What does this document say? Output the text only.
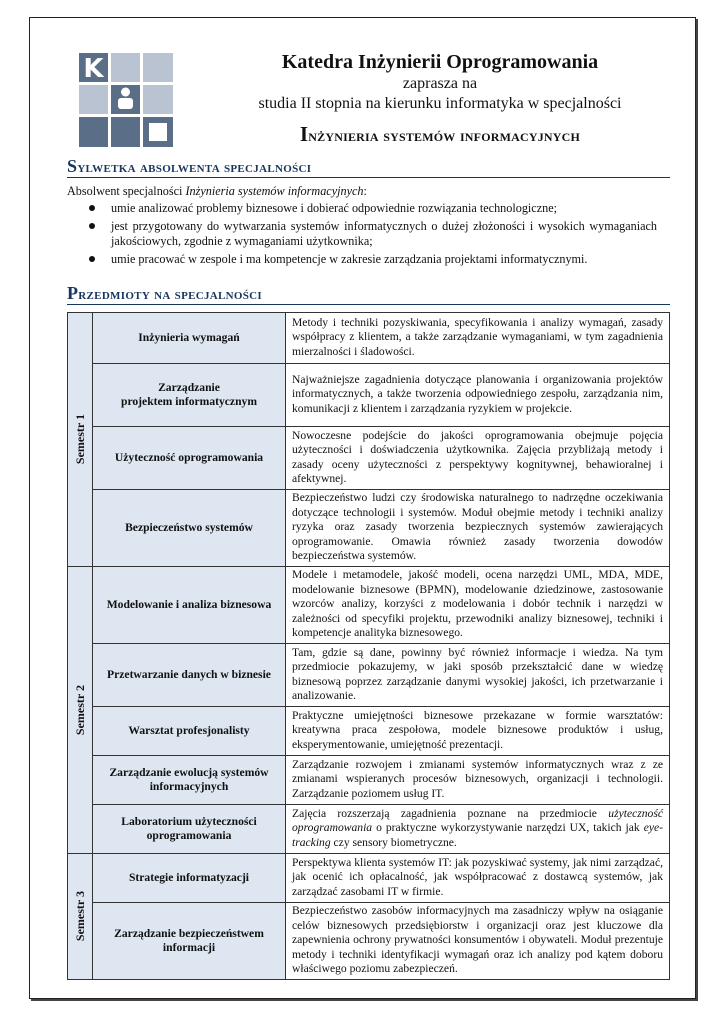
K	Katedra Inżynierii Oprogramowania
zaprasza na
studia II stopnia na kierunku informatyka w specjalności
Inżynieria systemów informacyjnych
Sylwetka absolwenta specjalności
Absolwent specjalności Inżynieria systemów informacyjnych:
umie analizować problemy biznesowe i dobierać odpowiednie rozwiązania technologiczne;
jest przygotowany do wytwarzania systemów informatycznych o dużej złożoności i wysokich wymaganiach jakościowych, zgodnie z wymaganiami użytkownika;
umie pracować w zespole i ma kompetencje w zakresie zarządzania projektami informatycznymi.
Przedmioty na specjalności
Semestr 1	Inżynieria wymagań	Metody i techniki pozyskiwania, specyfikowania i analizy wymagań, zasady współpracy z klientem, a także zarządzanie wymaganiami, w tym zagadnienia mierzalności i śladowości.
	Zarządzanie
projektem informatycznym	Najważniejsze zagadnienia dotyczące planowania i organizowania projektów informatycznych, a także tworzenia odpowiedniego zespołu, zarządzania nim, komunikacji z klientem i zarządzania ryzykiem w projekcie.
	Użyteczność oprogramowania	Nowoczesne podejście do jakości oprogramowania obejmuje pojęcia użyteczności i doświadczenia użytkownika. Zajęcia przybliżają metody i zasady oceny użyteczności z perspektywy kognitywnej, behawioralnej i afektywnej.
	Bezpieczeństwo systemów	Bezpieczeństwo ludzi czy środowiska naturalnego to nadrzędne oczekiwania dotyczące technologii i systemów. Moduł obejmie metody i techniki analizy ryzyka oraz zasady tworzenia bezpiecznych systemów zawierających oprogramowanie. Omawia również zasady tworzenia dowodów bezpieczeństwa systemów.

Semestr 2	Modelowanie i analiza biznesowa	Modele i metamodele, jakość modeli, ocena narzędzi UML, MDA, MDE, modelowanie biznesowe (BPMN), modelowanie dziedzinowe, zastosowanie wzorców analizy, korzyści z modelowania i dobór technik i narzędzi w zależności od specyfiki projektu, przewodniki analizy biznesowej, techniki i kompetencje analityka biznesowego.
	Przetwarzanie danych w biznesie	Tam, gdzie są dane, powinny być również informacje i wiedza. Na tym przedmiocie pokazujemy, w jaki sposób przekształcić dane w wiedzę biznesową poprzez zarządzanie danymi wysokiej jakości, ich przetwarzanie i analizowanie.
	Warsztat profesjonalisty	Praktyczne umiejętności biznesowe przekazane w formie warsztatów: kreatywna praca zespołowa, modele biznesowe produktów i usług, eksperymentowanie, umiejętność prezentacji.
	Zarządzanie ewolucją systemów
informacyjnych	Zarządzanie rozwojem i zmianami systemów informatycznych wraz z ze zmianami wspieranych procesów biznesowych, organizacji i technologii. Zarządzanie poziomem usług IT.
	Laboratorium użyteczności
oprogramowania	Zajęcia rozszerzają zagadnienia poznane na przedmiocie użyteczność oprogramowania o praktyczne wykorzystywanie narzędzi UX, takich jak eye-tracking czy sensory biometryczne.

Semestr 3	Strategie informatyzacji	Perspektywa klienta systemów IT: jak pozyskiwać systemy, jak nimi zarządzać, jak ocenić ich opłacalność, jak współpracować z dostawcą systemów, jak zarządzać zasobami IT w firmie.
	Zarządzanie bezpieczeństwem
informacji	Bezpieczeństwo zasobów informacyjnych ma zasadniczy wpływ na osiąganie celów biznesowych przedsiębiorstw i organizacji oraz jest kluczowe dla zapewnienia ochrony prywatności konsumentów i obywateli. Moduł prezentuje metody i techniki identyfikacji wymagań oraz ich analizy pod kątem doboru właściwego poziomu zabezpieczeń.
